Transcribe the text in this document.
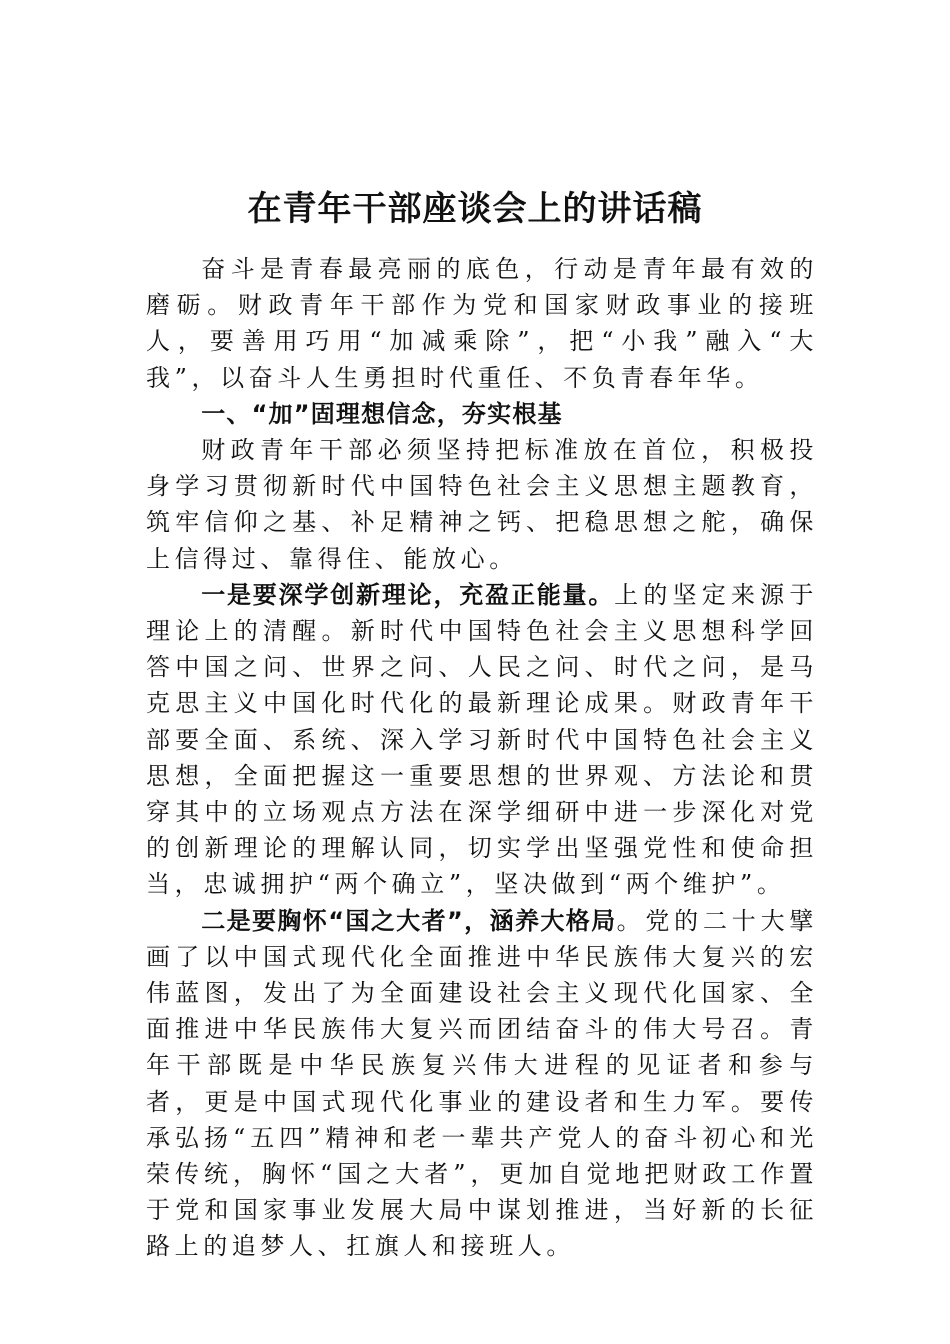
在青年干部座谈会上的讲话稿

奋斗是青春最亮丽的底色，行动是青年最有效的磨砺。财政青年干部作为党和国家财政事业的接班人，要善用巧用“加减乘除”，把“小我”融入“大我”，以奋斗人生勇担时代重任、不负青春年华。

一、“加”固理想信念，夯实根基

财政青年干部必须坚持把标准放在首位，积极投身学习贯彻新时代中国特色社会主义思想主题教育，筑牢信仰之基、补足精神之钙、把稳思想之舵，确保上信得过、靠得住、能放心。

一是要深学创新理论，充盈正能量。上的坚定来源于理论上的清醒。新时代中国特色社会主义思想科学回答中国之问、世界之问、人民之问、时代之问，是马克思主义中国化时代化的最新理论成果。财政青年干部要全面、系统、深入学习新时代中国特色社会主义思想，全面把握这一重要思想的世界观、方法论和贯穿其中的立场观点方法在深学细研中进一步深化对党的创新理论的理解认同，切实学出坚强党性和使命担当，忠诚拥护“两个确立”，坚决做到“两个维护”。

二是要胸怀“国之大者”，涵养大格局。党的二十大擘画了以中国式现代化全面推进中华民族伟大复兴的宏伟蓝图，发出了为全面建设社会主义现代化国家、全面推进中华民族伟大复兴而团结奋斗的伟大号召。青年干部既是中华民族复兴伟大进程的见证者和参与者，更是中国式现代化事业的建设者和生力军。要传承弘扬“五四”精神和老一辈共产党人的奋斗初心和光荣传统，胸怀“国之大者”，更加自觉地把财政工作置于党和国家事业发展大局中谋划推进，当好新的长征路上的追梦人、扛旗人和接班人。
